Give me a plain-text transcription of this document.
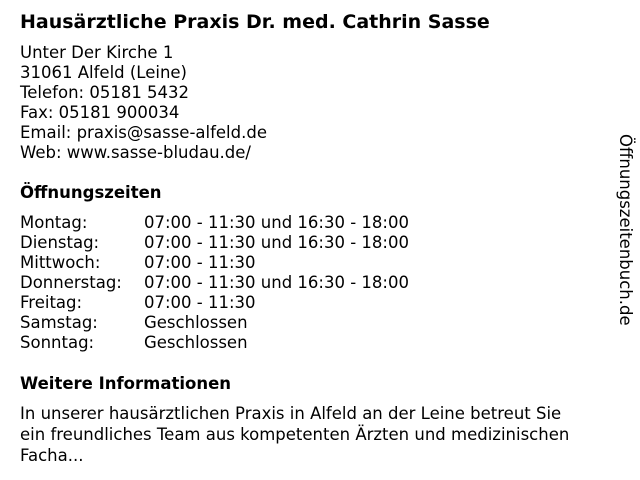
Hausärztliche Praxis Dr. med. Cathrin Sasse
Unter Der Kirche 1
31061 Alfeld (Leine)
Telefon: 05181 5432
Fax: 05181 900034
Email: praxis@sasse-alfeld.de
Web: www.sasse-bludau.de/
Öffnungszeiten
Montag:	07:00 - 11:30 und 16:30 - 18:00
Dienstag:	07:00 - 11:30 und 16:30 - 18:00
Mittwoch:	07:00 - 11:30
Donnerstag: 07:00 - 11:30 und 16:30 - 18:00
Freitag:	07:00 - 11:30
Samstag:	Geschlossen
Sonntag:	Geschlossen
Weitere Informationen
In unserer hausärztlichen Praxis in Alfeld an der Leine betreut Sie
ein freundliches Team aus kompetenten Ärzten und medizinischen
Facha...
Öffnungszeitenbuch.de
